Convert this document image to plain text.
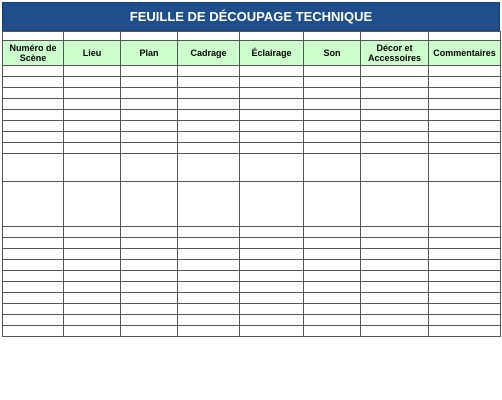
FEUILLE DE DÉCOUPAGE TECHNIQUE

Numéro de Scène	Lieu	Plan	Cadrage	Éclairage	Son	Décor et Accessoires	Commentaires
